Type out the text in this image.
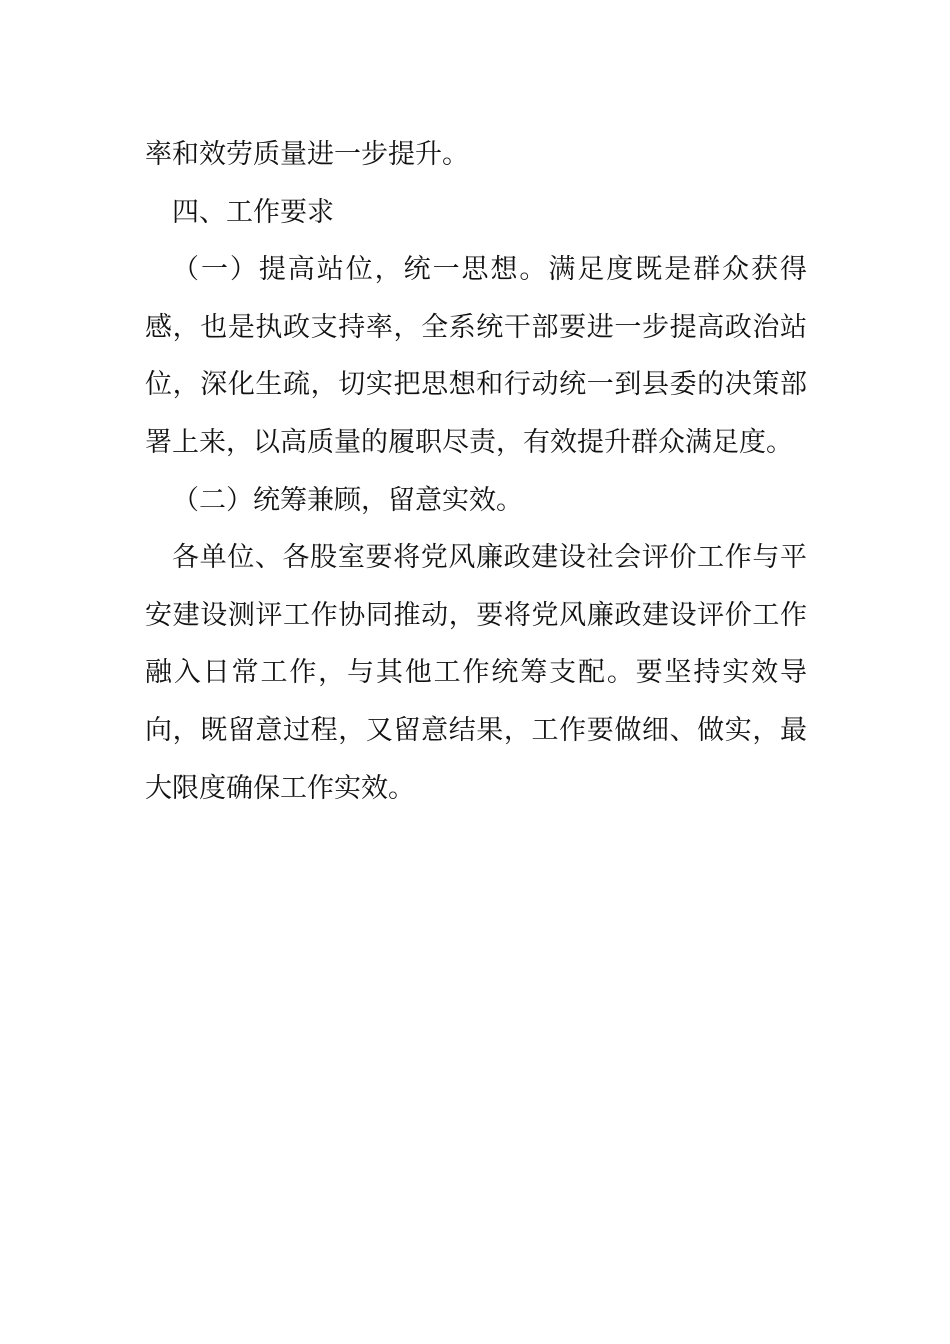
率和效劳质量进一步提升。

四、工作要求

（一）提高站位，统一思想。满足度既是群众获得感，也是执政支持率，全系统干部要进一步提高政治站位，深化生疏，切实把思想和行动统一到县委的决策部署上来，以高质量的履职尽责，有效提升群众满足度。

（二）统筹兼顾，留意实效。

各单位、各股室要将党风廉政建设社会评价工作与平安建设测评工作协同推动，要将党风廉政建设评价工作融入日常工作，与其他工作统筹支配。要坚持实效导向，既留意过程，又留意结果，工作要做细、做实，最大限度确保工作实效。
